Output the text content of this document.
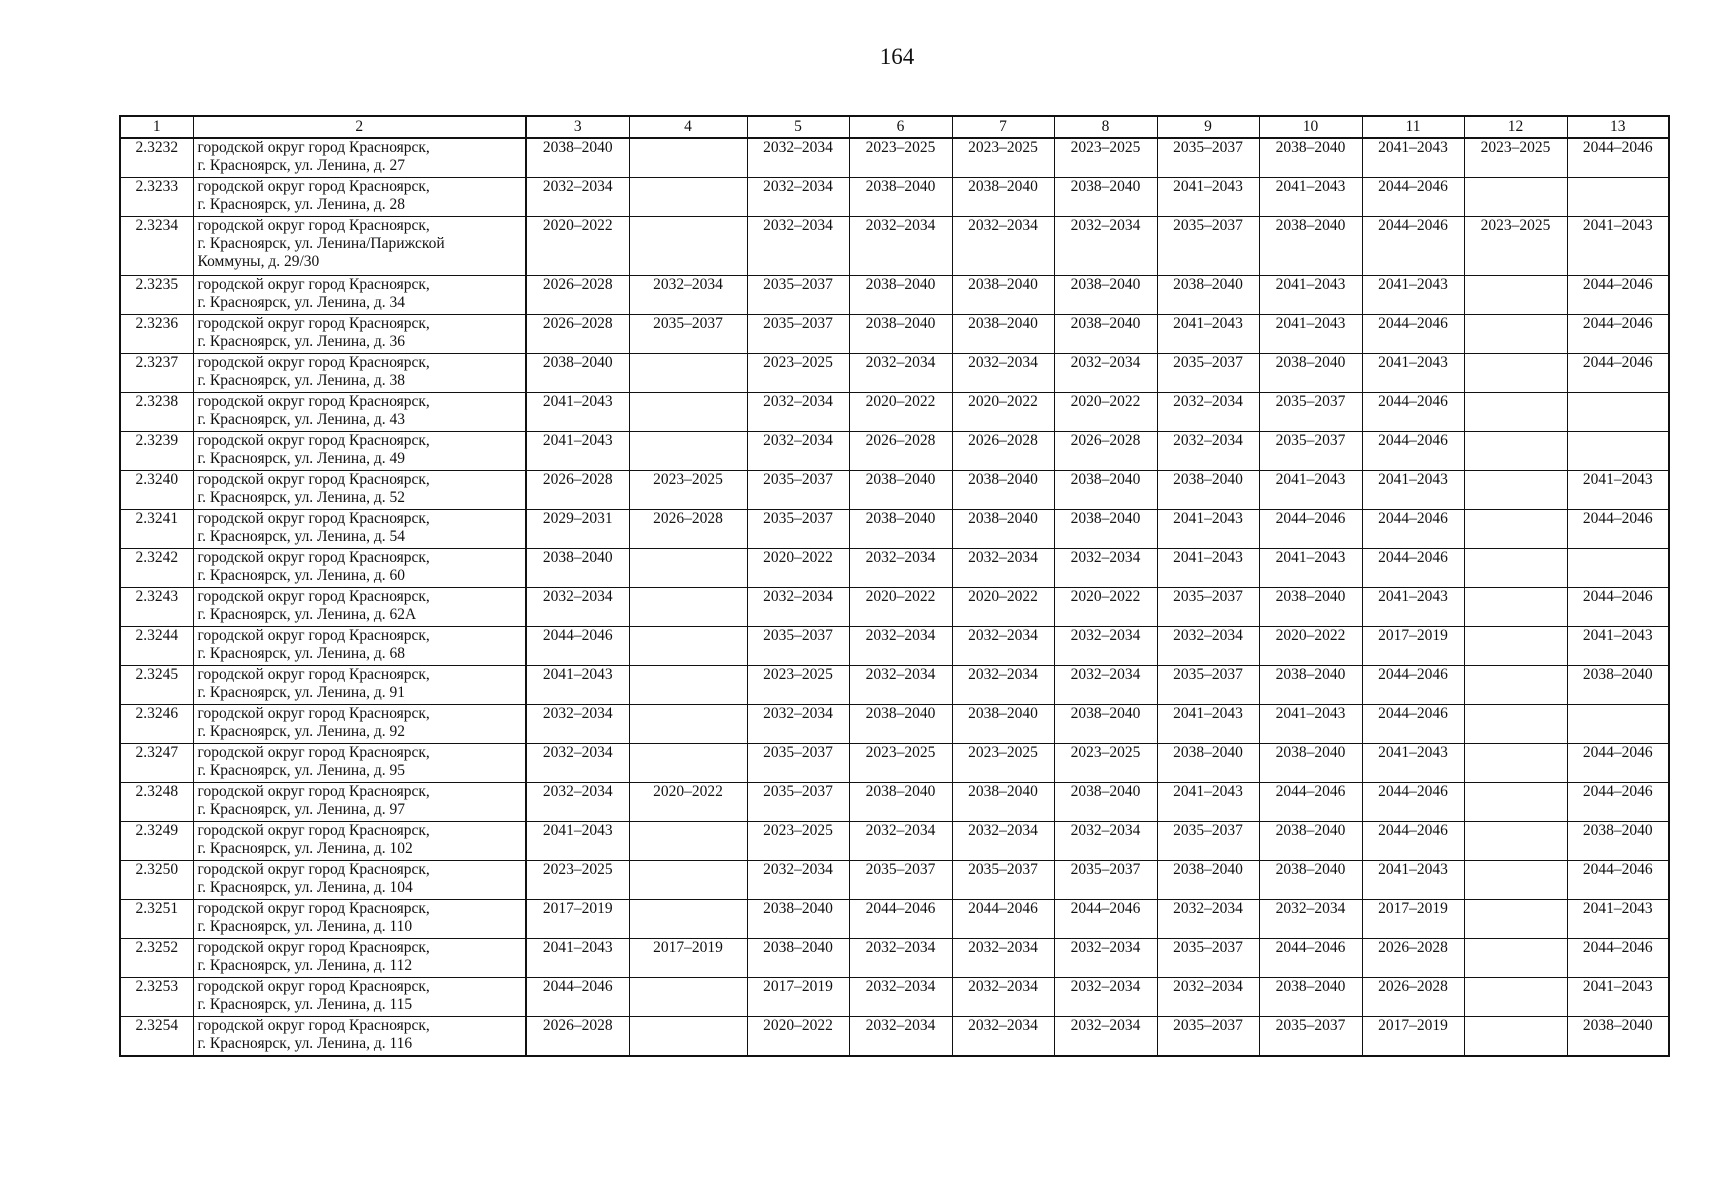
164
1	2	3	4	5	6	7	8	9	10	11	12	13
2.3232	городской округ город Красноярск,
г. Красноярск, ул. Ленина, д. 27	2038–2040		2032–2034	2023–2025	2023–2025	2023–2025	2035–2037	2038–2040	2041–2043	2023–2025	2044–2046
2.3233	городской округ город Красноярск,
г. Красноярск, ул. Ленина, д. 28	2032–2034		2032–2034	2038–2040	2038–2040	2038–2040	2041–2043	2041–2043	2044–2046		
2.3234	городской округ город Красноярск,
г. Красноярск, ул. Ленина/Парижской
Коммуны, д. 29/30	2020–2022		2032–2034	2032–2034	2032–2034	2032–2034	2035–2037	2038–2040	2044–2046	2023–2025	2041–2043
2.3235	городской округ город Красноярск,
г. Красноярск, ул. Ленина, д. 34	2026–2028	2032–2034	2035–2037	2038–2040	2038–2040	2038–2040	2038–2040	2041–2043	2041–2043		2044–2046
2.3236	городской округ город Красноярск,
г. Красноярск, ул. Ленина, д. 36	2026–2028	2035–2037	2035–2037	2038–2040	2038–2040	2038–2040	2041–2043	2041–2043	2044–2046		2044–2046
2.3237	городской округ город Красноярск,
г. Красноярск, ул. Ленина, д. 38	2038–2040		2023–2025	2032–2034	2032–2034	2032–2034	2035–2037	2038–2040	2041–2043		2044–2046
2.3238	городской округ город Красноярск,
г. Красноярск, ул. Ленина, д. 43	2041–2043		2032–2034	2020–2022	2020–2022	2020–2022	2032–2034	2035–2037	2044–2046		
2.3239	городской округ город Красноярск,
г. Красноярск, ул. Ленина, д. 49	2041–2043		2032–2034	2026–2028	2026–2028	2026–2028	2032–2034	2035–2037	2044–2046		
2.3240	городской округ город Красноярск,
г. Красноярск, ул. Ленина, д. 52	2026–2028	2023–2025	2035–2037	2038–2040	2038–2040	2038–2040	2038–2040	2041–2043	2041–2043		2041–2043
2.3241	городской округ город Красноярск,
г. Красноярск, ул. Ленина, д. 54	2029–2031	2026–2028	2035–2037	2038–2040	2038–2040	2038–2040	2041–2043	2044–2046	2044–2046		2044–2046
2.3242	городской округ город Красноярск,
г. Красноярск, ул. Ленина, д. 60	2038–2040		2020–2022	2032–2034	2032–2034	2032–2034	2041–2043	2041–2043	2044–2046		
2.3243	городской округ город Красноярск,
г. Красноярск, ул. Ленина, д. 62А	2032–2034		2032–2034	2020–2022	2020–2022	2020–2022	2035–2037	2038–2040	2041–2043		2044–2046
2.3244	городской округ город Красноярск,
г. Красноярск, ул. Ленина, д. 68	2044–2046		2035–2037	2032–2034	2032–2034	2032–2034	2032–2034	2020–2022	2017–2019		2041–2043
2.3245	городской округ город Красноярск,
г. Красноярск, ул. Ленина, д. 91	2041–2043		2023–2025	2032–2034	2032–2034	2032–2034	2035–2037	2038–2040	2044–2046		2038–2040
2.3246	городской округ город Красноярск,
г. Красноярск, ул. Ленина, д. 92	2032–2034		2032–2034	2038–2040	2038–2040	2038–2040	2041–2043	2041–2043	2044–2046		
2.3247	городской округ город Красноярск,
г. Красноярск, ул. Ленина, д. 95	2032–2034		2035–2037	2023–2025	2023–2025	2023–2025	2038–2040	2038–2040	2041–2043		2044–2046
2.3248	городской округ город Красноярск,
г. Красноярск, ул. Ленина, д. 97	2032–2034	2020–2022	2035–2037	2038–2040	2038–2040	2038–2040	2041–2043	2044–2046	2044–2046		2044–2046
2.3249	городской округ город Красноярск,
г. Красноярск, ул. Ленина, д. 102	2041–2043		2023–2025	2032–2034	2032–2034	2032–2034	2035–2037	2038–2040	2044–2046		2038–2040
2.3250	городской округ город Красноярск,
г. Красноярск, ул. Ленина, д. 104	2023–2025		2032–2034	2035–2037	2035–2037	2035–2037	2038–2040	2038–2040	2041–2043		2044–2046
2.3251	городской округ город Красноярск,
г. Красноярск, ул. Ленина, д. 110	2017–2019		2038–2040	2044–2046	2044–2046	2044–2046	2032–2034	2032–2034	2017–2019		2041–2043
2.3252	городской округ город Красноярск,
г. Красноярск, ул. Ленина, д. 112	2041–2043	2017–2019	2038–2040	2032–2034	2032–2034	2032–2034	2035–2037	2044–2046	2026–2028		2044–2046
2.3253	городской округ город Красноярск,
г. Красноярск, ул. Ленина, д. 115	2044–2046		2017–2019	2032–2034	2032–2034	2032–2034	2032–2034	2038–2040	2026–2028		2041–2043
2.3254	городской округ город Красноярск,
г. Красноярск, ул. Ленина, д. 116	2026–2028		2020–2022	2032–2034	2032–2034	2032–2034	2035–2037	2035–2037	2017–2019		2038–2040
